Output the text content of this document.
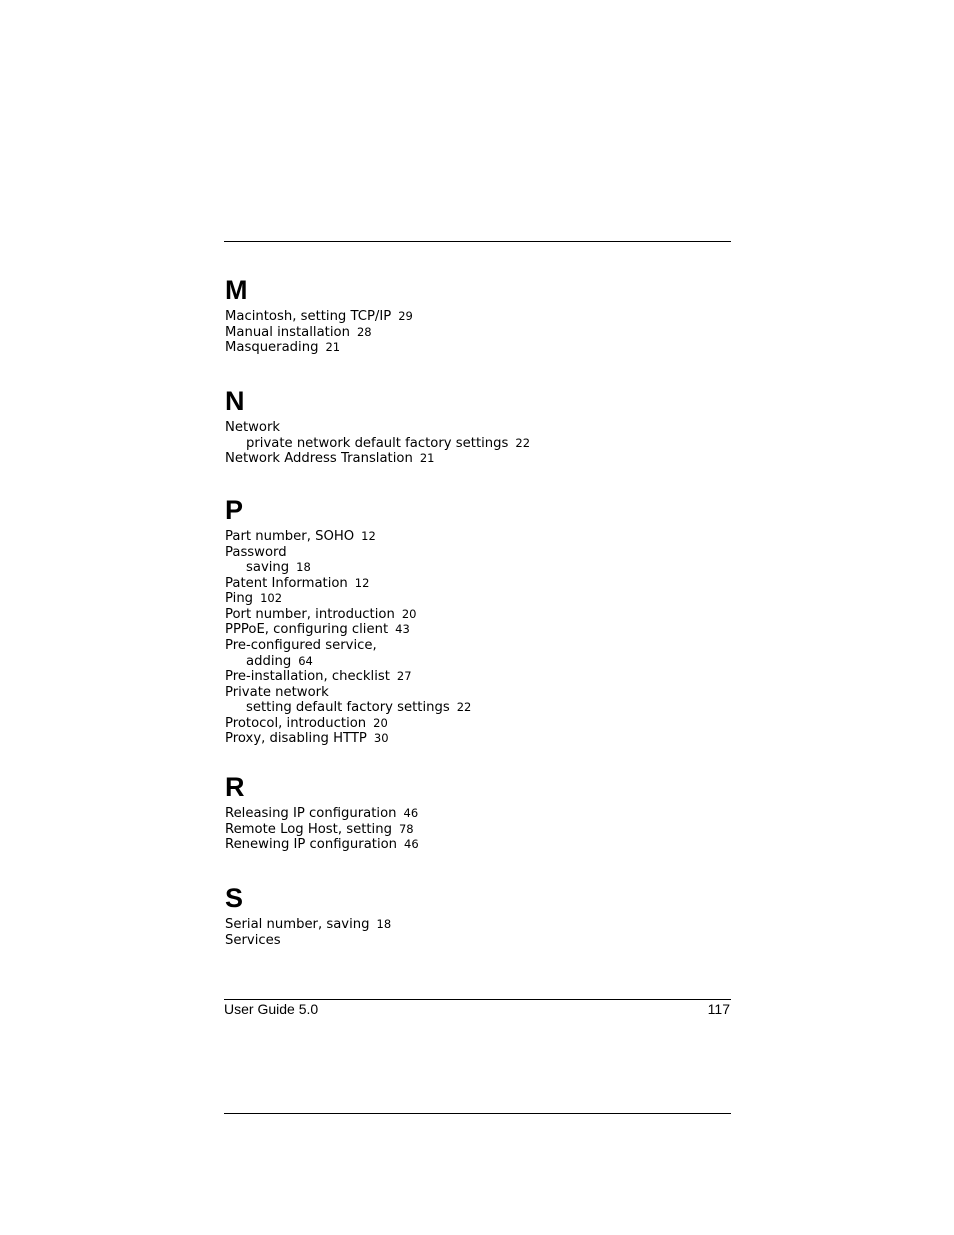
M
Macintosh, setting TCP/IP 29
Manual installation 28
Masquerading 21
N
Network
private network default factory settings 22
Network Address Translation 21
P
Part number, SOHO 12
Password
saving 18
Patent Information 12
Ping 102
Port number, introduction 20
PPPoE, configuring client 43
Pre-configured service,
adding 64
Pre-installation, checklist 27
Private network
setting default factory settings 22
Protocol, introduction 20
Proxy, disabling HTTP 30
R
Releasing IP configuration 46
Remote Log Host, setting 78
Renewing IP configuration 46
S
Serial number, saving 18
Services
User Guide 5.0	117
